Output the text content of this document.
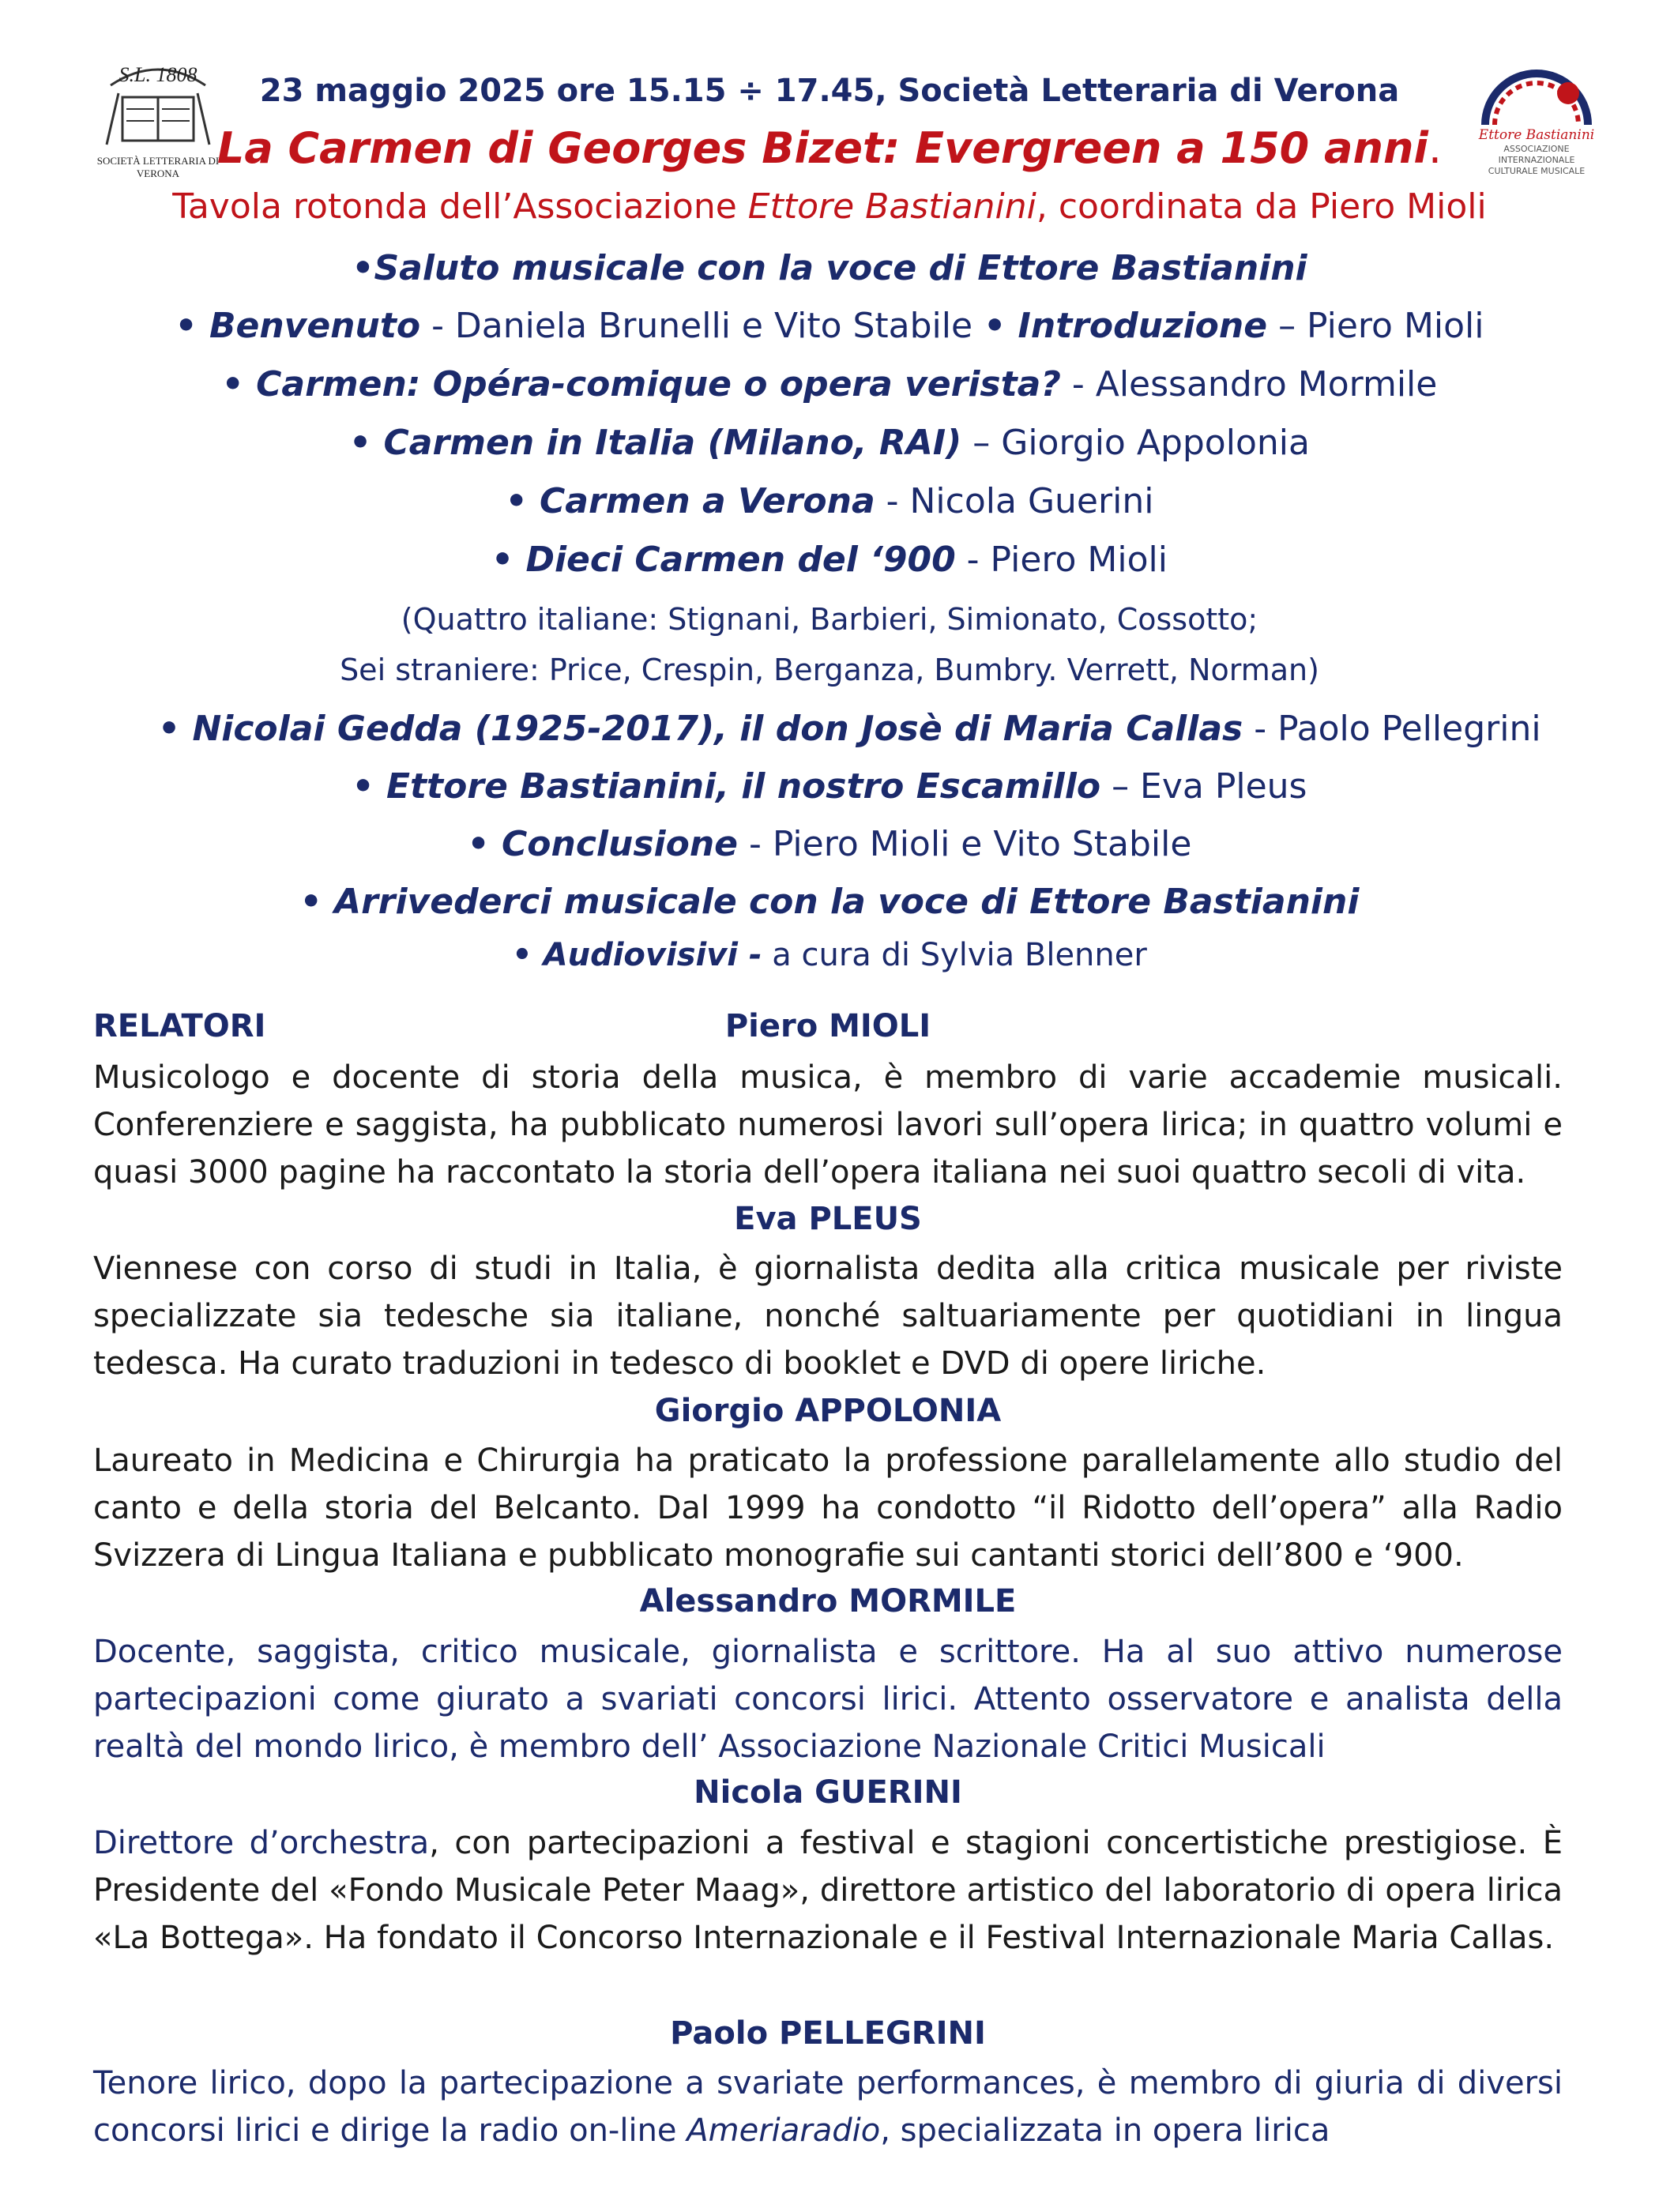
S.L. 1808
SOCIETÀ LETTERARIA DI VERONA
Ettore Bastianini
ASSOCIAZIONE INTERNAZIONALE
CULTURALE MUSICALE
23 maggio 2025 ore 15.15 ÷ 17.45, Società Letteraria di Verona
La Carmen di Georges Bizet: Evergreen a 150 anni.
Tavola rotonda dell’Associazione Ettore Bastianini, coordinata da Piero Mioli
•Saluto musicale con la voce di Ettore Bastianini
• Benvenuto - Daniela Brunelli e Vito Stabile • Introduzione – Piero Mioli
• Carmen: Opéra-comique o opera verista? - Alessandro Mormile
• Carmen in Italia (Milano, RAI) – Giorgio Appolonia
• Carmen a Verona - Nicola Guerini
• Dieci Carmen del ‘900 - Piero Mioli
(Quattro italiane: Stignani, Barbieri, Simionato, Cossotto;
Sei straniere: Price, Crespin, Berganza, Bumbry. Verrett, Norman)
• Nicolai Gedda (1925-2017), il don Josè di Maria Callas - Paolo Pellegrini
• Ettore Bastianini, il nostro Escamillo – Eva Pleus
• Conclusione - Piero Mioli e Vito Stabile
• Arrivederci musicale con la voce di Ettore Bastianini
• Audiovisivi - a cura di Sylvia Blenner
RELATORI	Piero MIOLI
Musicologo e docente di storia della musica, è membro di varie accademie musicali. Conferenziere e saggista, ha pubblicato numerosi lavori sull’opera lirica; in quattro volumi e quasi 3000 pagine ha raccontato la storia dell’opera italiana nei suoi quattro secoli di vita.
Eva PLEUS
Viennese con corso di studi in Italia, è giornalista dedita alla critica musicale per riviste specializzate sia tedesche sia italiane, nonché saltuariamente per quotidiani in lingua tedesca. Ha curato traduzioni in tedesco di booklet e DVD di opere liriche.
Giorgio APPOLONIA
Laureato in Medicina e Chirurgia ha praticato la professione parallelamente allo studio del canto e della storia del Belcanto. Dal 1999 ha condotto “il Ridotto dell’opera” alla Radio Svizzera di Lingua Italiana e pubblicato monografie sui cantanti storici dell’800 e ‘900.
Alessandro MORMILE
Docente, saggista, critico musicale, giornalista e scrittore. Ha al suo attivo numerose partecipazioni come giurato a svariati concorsi lirici. Attento osservatore e analista della realtà del mondo lirico, è membro dell’ Associazione Nazionale Critici Musicali
Nicola GUERINI
Direttore d’orchestra, con partecipazioni a festival e stagioni concertistiche prestigiose. È Presidente del «Fondo Musicale Peter Maag», direttore artistico del laboratorio di opera lirica «La Bottega». Ha fondato il Concorso Internazionale e il Festival Internazionale Maria Callas.
Paolo PELLEGRINI
Tenore lirico, dopo la partecipazione a svariate performances, è membro di giuria di diversi concorsi lirici e dirige la radio on-line Ameriaradio, specializzata in opera lirica
